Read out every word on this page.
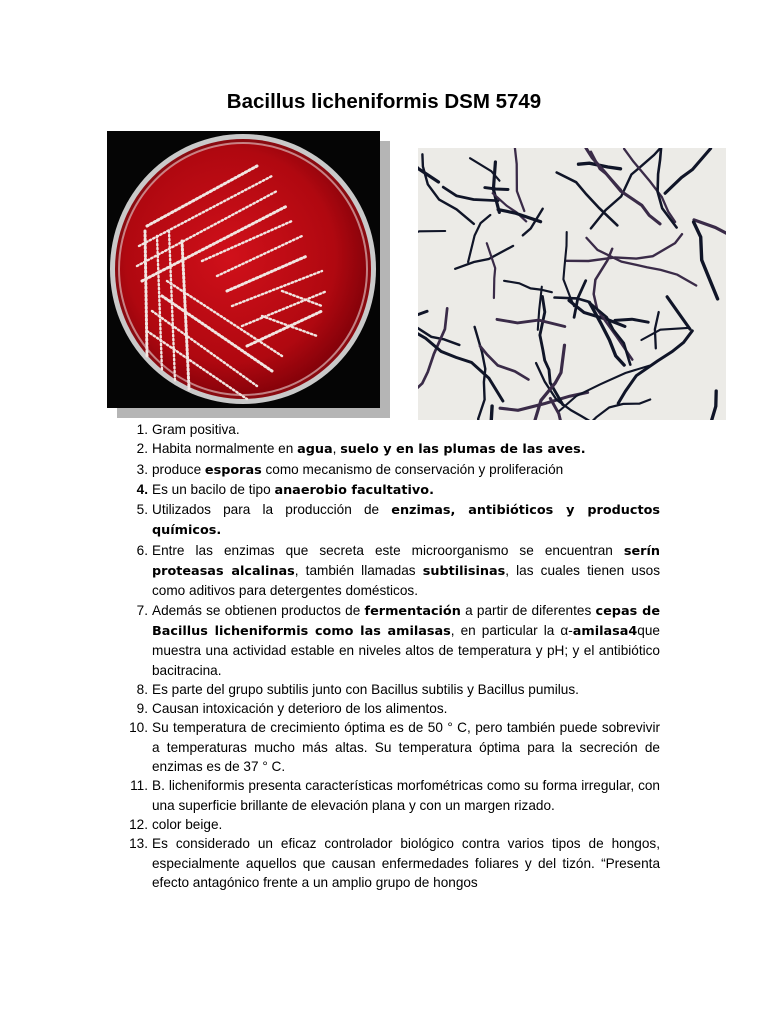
Bacillus licheniformis DSM 5749
1. Gram positiva.
2. Habita normalmente en agua, suelo y en las plumas de las aves.
3. produce esporas como mecanismo de conservación y proliferación
4. Es un bacilo de tipo anaerobio facultativo.
5. Utilizados para la producción de enzimas, antibióticos y productos químicos.
6. Entre las enzimas que secreta este microorganismo se encuentran serín proteasas alcalinas, también llamadas subtilisinas, las cuales tienen usos como aditivos para detergentes domésticos.
7. Además se obtienen productos de fermentación a partir de diferentes cepas de Bacillus licheniformis como las amilasas, en particular la α-amilasa4que muestra una actividad estable en niveles altos de temperatura y pH; y el antibiótico bacitracina.
8. Es parte del grupo subtilis junto con Bacillus subtilis y Bacillus pumilus.
9. Causan intoxicación y deterioro de los alimentos.
10. Su temperatura de crecimiento óptima es de 50 ° C, pero también puede sobrevivir a temperaturas mucho más altas. Su temperatura óptima para la secreción de enzimas es de 37 ° C.
11. B. licheniformis presenta características morfométricas como su forma irregular, con una superficie brillante de elevación plana y con un margen rizado.
12. color beige.
13. Es considerado un eficaz controlador biológico contra varios tipos de hongos, especialmente aquellos que causan enfermedades foliares y del tizón. “Presenta efecto antagónico frente a un amplio grupo de hongos
